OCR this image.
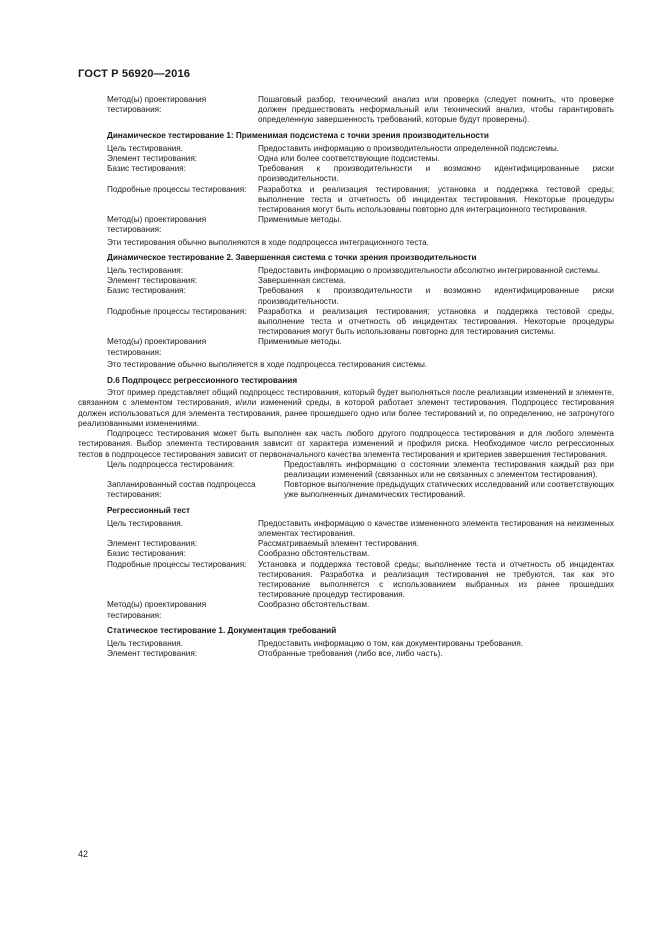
ГОСТ Р 56920—2016
Метод(ы) проектирования тестирования:
Пошаговый разбор, технический анализ или проверка (следует помнить, что проверке должен предшествовать неформальный или технический анализ, чтобы гарантировать определенную завершенность требований, которые будут проверены).
Динамическое тестирование 1: Применимая подсистема с точки зрения производительности
Цель тестирования.	Предоставить информацию о производительности определенной подсистемы.
Элемент тестирования:	Одна или более соответствующие подсистемы.
Базис тестирования:	Требования к производительности и возможно идентифицированные риски производительности.
Подробные процессы тестирования:	Разработка и реализация тестирования; установка и поддержка тестовой среды; выполнение теста и отчетность об инцидентах тестирования. Некоторые процедуры тестирования могут быть использованы повторно для интеграционного тестирования.
Метод(ы) проектирования тестирования:
Применимые методы.
Эти тестирования обычно выполняются в ходе подпроцесса интеграционного теста.
Динамическое тестирование 2. Завершенная система с точки зрения производительности
Цель тестирования:	Предоставить информацию о производительности абсолютно интегрированной системы.
Элемент тестирования:	Завершенная система.
Базис тестирования:	Требования к производительности и возможно идентифицированные риски производительности.
Подробные процессы тестирования:	Разработка и реализация тестирования; установка и поддержка тестовой среды, выполнение теста и отчетность об инцидентах тестирования. Некоторые процедуры тестирования могут быть использованы повторно для тестирования системы.
Метод(ы) проектирования тестирования:
Применимые методы.
Это тестирование обычно выполняется в ходе подпроцесса тестирования системы.
D.6 Подпроцесс регрессионного тестирования
Этот пример представляет общий подпроцесс тестирования, который будет выполняться после реализации изменений в элементе, связанном с элементом тестирования, и/или изменений среды, в которой работает элемент тестирования. Подпроцесс тестирования должен использоваться для элемента тестирования, ранее прошедшего одно или более тестирований и, по определению, не затронутого реализованными изменениями.
Подпроцесс тестирования может быть выполнен как часть любого другого подпроцесса тестирования и для любого элемента тестирования. Выбор элемента тестирования зависит от характера изменений и профиля риска. Необходимое число регрессионных тестов в подпроцессе тестирования зависит от первоначального качества элемента тестирования и критериев завершения тестирования.
Цель подпроцесса тестирования:	Предоставлять информацию о состоянии элемента тестирования каждый раз при реализации изменений (связанных или не связанных с элементом тестирования).
Запланированный состав подпроцесса тестирования:
Повторное выполнение предыдущих статических исследований или соответствующих уже выполненных динамических тестирований.
Регрессионный тест
Цель тестирования.	Предоставить информацию о качестве измененного элемента тестирования на неизменных элементах тестирования.
Элемент тестирования:	Рассматриваемый элемент тестирования.
Базис тестирования:	Сообразно обстоятельствам.
Подробные процессы тестирования:	Установка и поддержка тестовой среды; выполнение теста и отчетность об инцидентах тестирования. Разработка и реализация тестирования не требуются, так как это тестирование выполняется с использованием выбранных из ранее прошедших тестирование процедур тестирования.
Метод(ы) проектирования тестирования:
Сообразно обстоятельствам.
Статическое тестирование 1. Документация требований
Цель тестирования.	Предоставить информацию о том, как документированы требования.
Элемент тестирования:	Отобранные требования (либо все, либо часть).
42
